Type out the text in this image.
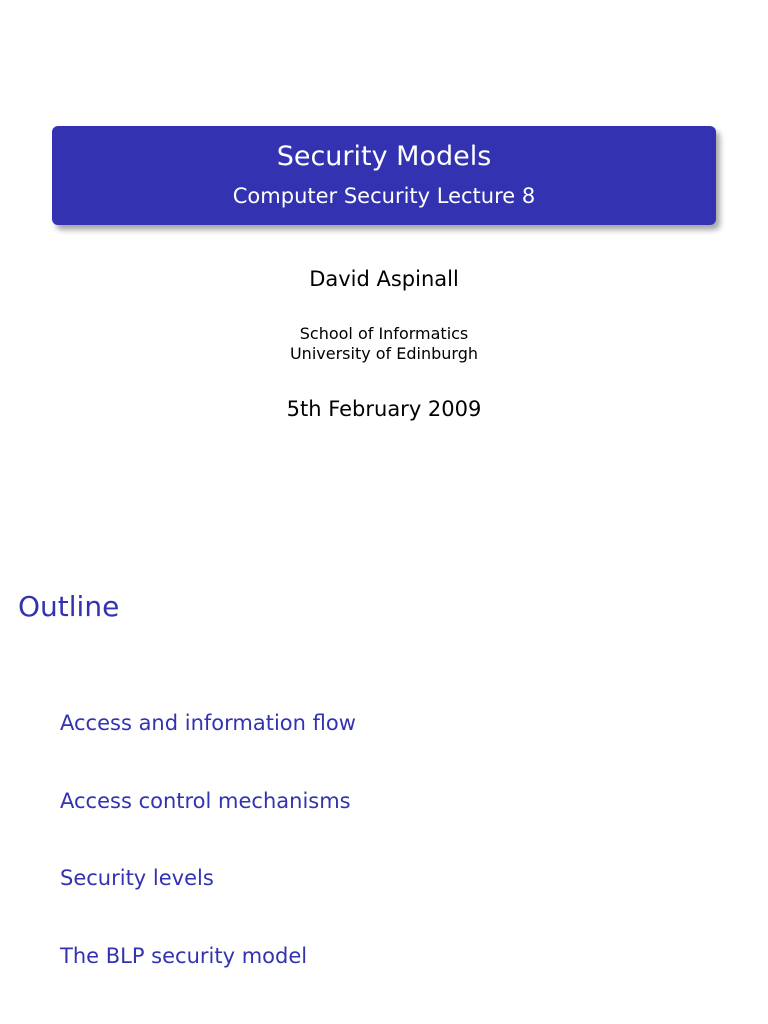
Security Models
Computer Security Lecture 8
David Aspinall
School of Informatics
University of Edinburgh
5th February 2009
Outline
Access and information flow
Access control mechanisms
Security levels
The BLP security model
